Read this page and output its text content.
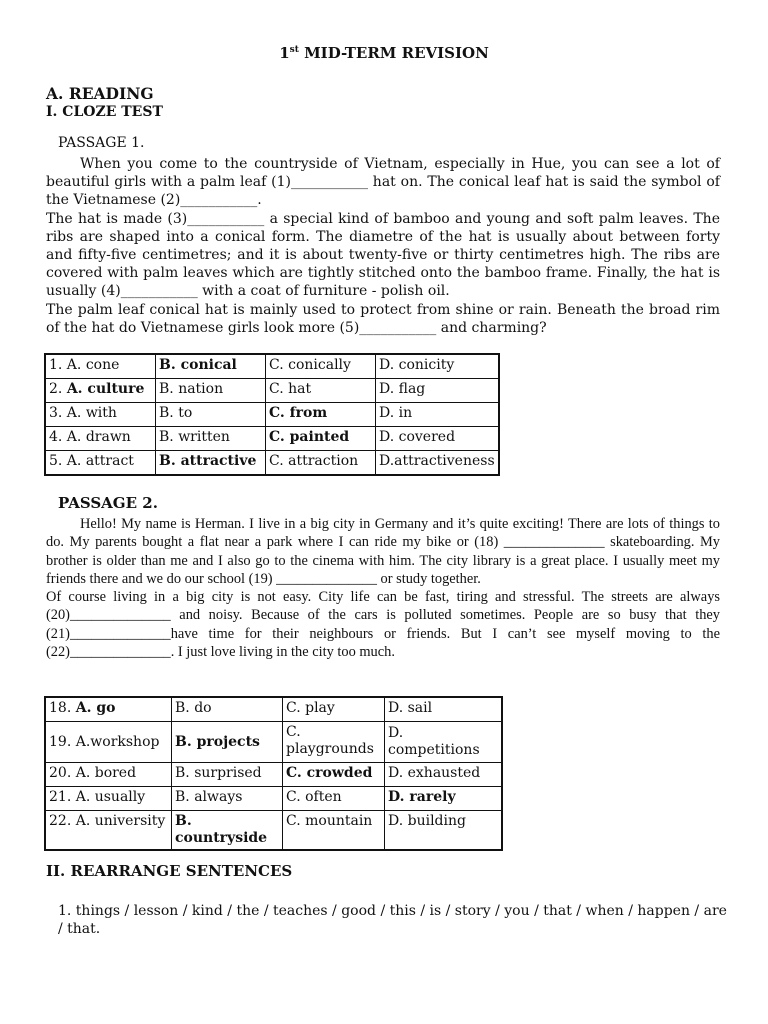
1st MID-TERM REVISION
A. READING
I. CLOZE TEST
PASSAGE 1.

When you come to the countryside of Vietnam, especially in Hue, you can see a lot of beautiful girls with a palm leaf (1)___________ hat on. The conical leaf hat is said the symbol of the Vietnamese (2)___________.

The hat is made (3)___________ a special kind of bamboo and young and soft palm leaves. The ribs are shaped into a conical form. The diametre of the hat is usually about between forty and fifty-five centimetres; and it is about twenty-five or thirty centimetres high. The ribs are covered with palm leaves which are tightly stitched onto the bamboo frame. Finally, the hat is usually (4)___________ with a coat of furniture - polish oil.

The palm leaf conical hat is mainly used to protect from shine or rain. Beneath the broad rim of the hat do Vietnamese girls look more (5)___________ and charming?

1. A. cone	B. conical	C. conically	D. conicity
2. A. culture	B. nation	C. hat	D. flag
3. A. with	B. to	C. from	D. in
4. A. drawn	B. written	C. painted	D. covered
5. A. attract	B. attractive	C. attraction	D.attractiveness
PASSAGE 2.

Hello! My name is Herman. I live in a big city in Germany and it’s quite exciting! There are lots of things to do. My parents bought a flat near a park where I can ride my bike or (18) ______________ skateboarding. My brother is older than me and I also go to the cinema with him. The city library is a great place. I usually meet my friends there and we do our school (19) ______________ or study together.

Of course living in a big city is not easy. City life can be fast, tiring and stressful. The streets are always (20)______________ and noisy. Because of the cars is polluted sometimes. People are so busy that they (21)______________have time for their neighbours or friends. But I can’t see myself moving to the (22)______________. I just love living in the city too much.

18. A. go	B. do	C. play	D. sail
19. A.workshop	B. projects	C. playgrounds	D. competitions
20. A. bored	B. surprised	C. crowded	D. exhausted
21. A. usually	B. always	C. often	D. rarely
22. A. university	B. countryside	C. mountain	D. building
II. REARRANGE SENTENCES
1. things / lesson / kind / the / teaches / good / this / is / story / you / that / when / happen / are / that.
